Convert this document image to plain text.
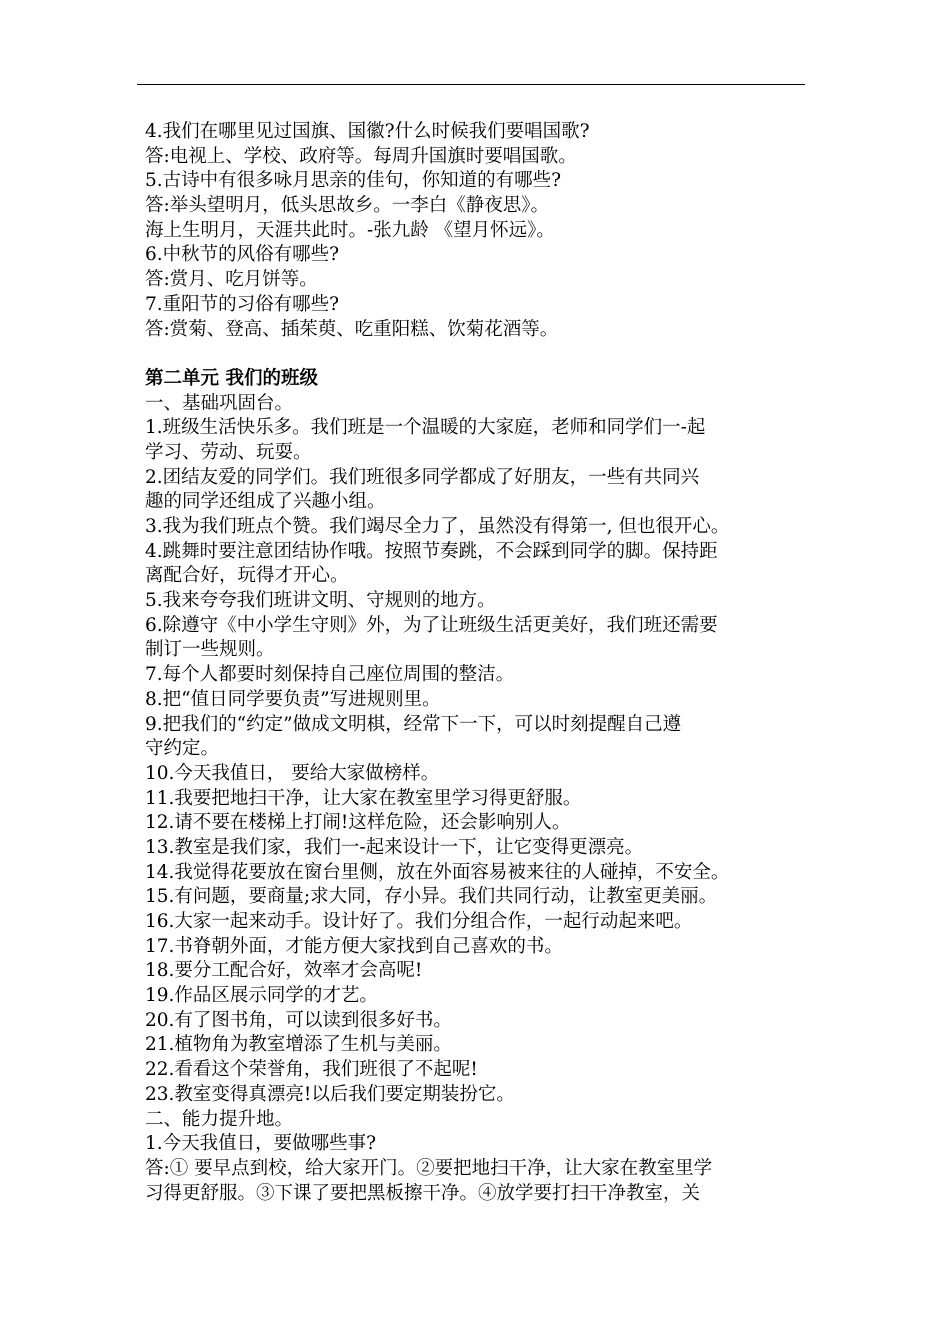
4.我们在哪里见过国旗、国徽?什么时候我们要唱国歌?
答:电视上、学校、政府等。每周升国旗时要唱国歌。
5.古诗中有很多咏月思亲的佳句，你知道的有哪些?
答:举头望明月，低头思故乡。一李白《静夜思》。
海上生明月，天涯共此时。-张九龄 《望月怀远》。
6.中秋节的风俗有哪些?
答:赏月、吃月饼等。
7.重阳节的习俗有哪些?
答:赏菊、登高、插茱萸、吃重阳糕、饮菊花酒等。
第二单元 我们的班级
一、基础巩固台。
1.班级生活快乐多。我们班是一个温暖的大家庭，老师和同学们一-起
学习、劳动、玩耍。
2.团结友爱的同学们。我们班很多同学都成了好朋友，一些有共同兴
趣的同学还组成了兴趣小组。
3.我为我们班点个赞。我们竭尽全力了，虽然没有得第一, 但也很开心。
4.跳舞时要注意团结协作哦。按照节奏跳，不会踩到同学的脚。保持距
离配合好，玩得才开心。
5.我来夸夸我们班讲文明、守规则的地方。
6.除遵守《中小学生守则》外，为了让班级生活更美好，我们班还需要
制订一些规则。
7.每个人都要时刻保持自己座位周围的整洁。
8.把“值日同学要负责”写进规则里。
9.把我们的“约定”做成文明棋，经常下一下，可以时刻提醒自己遵
守约定。
10.今天我值日， 要给大家做榜样。
11.我要把地扫干净，让大家在教室里学习得更舒服。
12.请不要在楼梯上打闹!这样危险，还会影响别人。
13.教室是我们家，我们一-起来设计一下，让它变得更漂亮。
14.我觉得花要放在窗台里侧，放在外面容易被来往的人碰掉，不安全。
15.有问题，要商量;求大同，存小异。我们共同行动，让教室更美丽。
16.大家一起来动手。设计好了。我们分组合作，一起行动起来吧。
17.书脊朝外面，才能方便大家找到自己喜欢的书。
18.要分工配合好，效率才会高呢!
19.作品区展示同学的才艺。
20.有了图书角，可以读到很多好书。
21.植物角为教室增添了生机与美丽。
22.看看这个荣誉角，我们班很了不起呢!
23.教室变得真漂亮!以后我们要定期装扮它。
二、能力提升地。
1.今天我值日，要做哪些事?
答:① 要早点到校，给大家开门。②要把地扫干净，让大家在教室里学
习得更舒服。③下课了要把黑板擦干净。④放学要打扫干净教室，关
